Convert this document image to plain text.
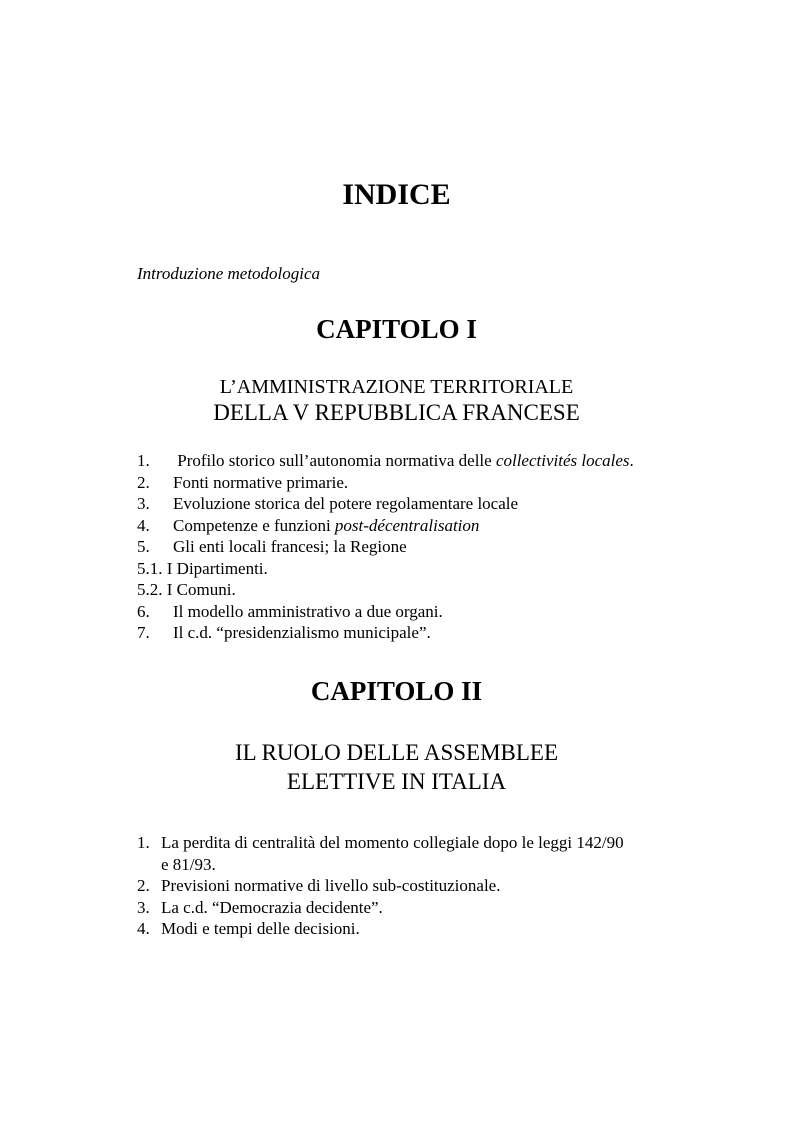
INDICE

Introduzione metodologica

CAPITOLO I
L’AMMINISTRAZIONE TERRITORIALE
DELLA V REPUBBLICA FRANCESE
1. Profilo storico sull’autonomia normativa delle collectivités locales.
2. Fonti normative primarie.
3. Evoluzione storica del potere regolamentare locale
4. Competenze e funzioni post-décentralisation
5. Gli enti locali francesi; la Regione
5.1. I Dipartimenti.
5.2. I Comuni.
6. Il modello amministrativo a due organi.
7. Il c.d. “presidenzialismo municipale”.
CAPITOLO II
IL RUOLO DELLE ASSEMBLEE
ELETTIVE IN ITALIA
1. La perdita di centralità del momento collegiale dopo le leggi 142/90
e 81/93.
2. Previsioni normative di livello sub-costituzionale.
3. La c.d. “Democrazia decidente”.
4. Modi e tempi delle decisioni.
